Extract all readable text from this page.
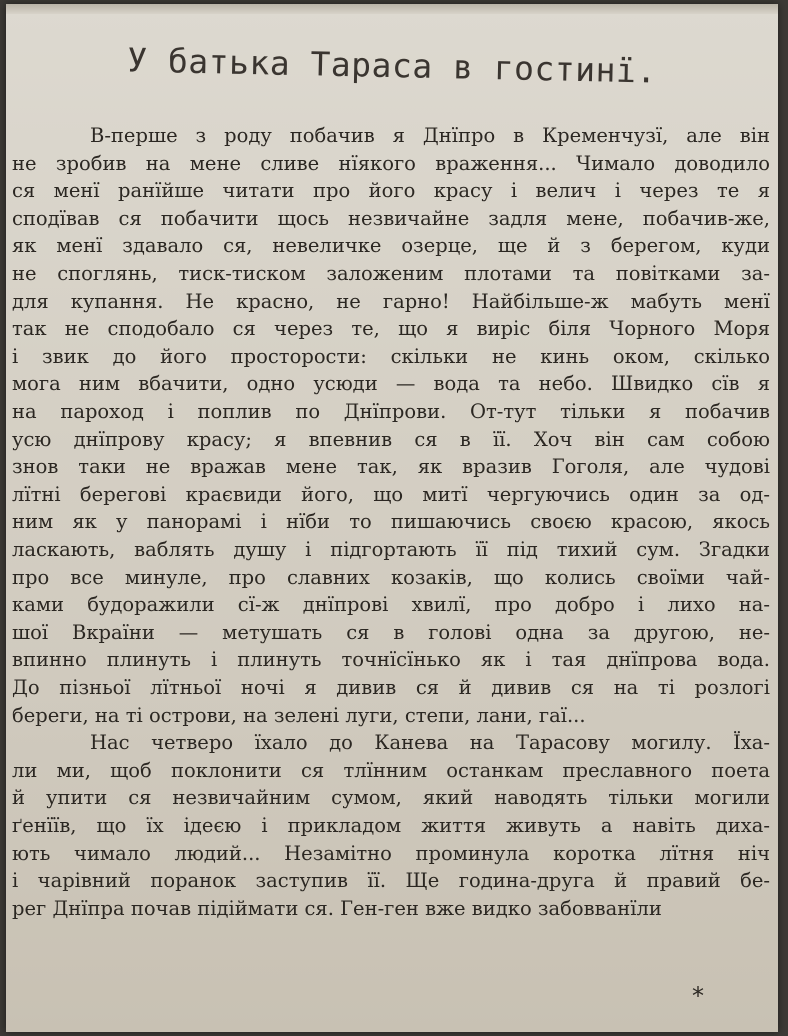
У батька Тараса в гостинї.
В-перше з роду побачив я Днїпро в Кременчузї, але він
не зробив на мене сливе нїякого враження... Чимало доводило
ся менї ранїйше читати про його красу і велич і через те я
сподївав ся побачити щось незвичайне задля мене, побачив-же,
як менї здавало ся, невеличке озерце, ще й з берегом, куди
не споглянь, тиск-тиском заложеним плотами та повітками за-
для купання. Не красно, не гарно! Найбільше-ж мабуть менї
так не сподобало ся через те, що я виріс біля Чорного Моря
і звик до його простороcти: скільки не кинь оком, скілько
мога ним вбачити, одно усюди — вода та небо. Швидко сїв я
на пароход і поплив по Днїпрови. От-тут тільки я побачив
усю днїпрову красу; я впевнив ся в її. Хоч він сам собою
знов таки не вражав мене так, як вразив Гоголя, але чудові
лїтні берегові краєвиди його, що митї чергуючись один за од-
ним як у панорамі і нїби то пишаючись своєю красою, якось
ласкають, ваблять душу і підгортають її під тихий сум. Згадки
про все минуле, про славних козаків, що колись своїми чай-
ками будоражили сї-ж днїпрові хвилї, про добро і лихо на-
шої Вкраїни — метушать ся в голові одна за другою, не-
впинно плинуть і плинуть точнїсїнько як і тая днїпрова вода.
До пізньої лїтньої ночі я дивив ся й дивив ся на ті розлогі
береги, на ті острови, на зелені луги, степи, лани, гаї...
Нас четверо їхало до Канева на Тарасову могилу. Їха-
ли ми, щоб поклонити ся тлїнним останкам преславного поета
й упити ся незвичайним сумом, який наводять тільки могили
ґенїїв, що їх ідеєю і прикладом життя живуть а навіть диха-
ють чимало людий... Незамітно проминула коротка лїтня ніч
і чарівний поранок заступив її. Ще година-друга й правий бе-
рег Днїпра почав підіймати ся. Ген-ген вже видко забовванїли
*
